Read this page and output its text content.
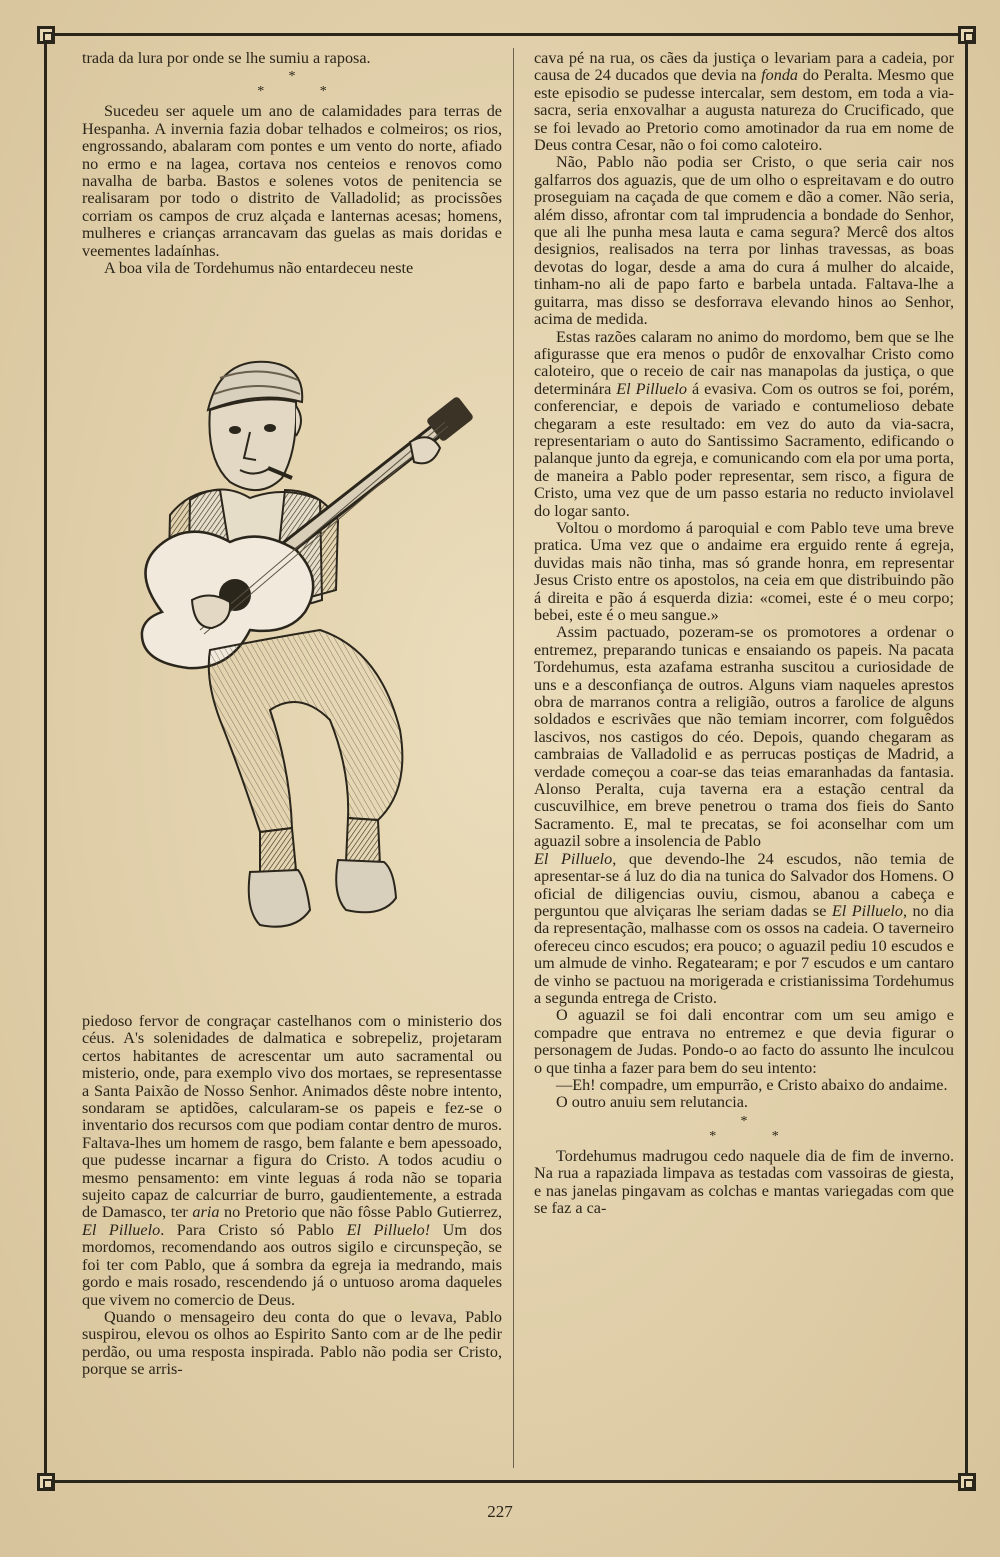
trada da lura por onde se lhe sumiu a raposa.

*
* *

Sucedeu ser aquele um ano de calamidades para terras de Hespanha. A invernia fazia dobar telhados e colmeiros; os rios, engrossando, abalaram com pontes e um vento do norte, afiado no ermo e na lagea, cortava nos centeios e renovos como navalha de barba. Bastos e solenes votos de penitencia se realisaram por todo o distrito de Valladolid; as procissões corriam os campos de cruz alçada e lanternas acesas; homens, mulheres e crianças arrancavam das guelas as mais doridas e veementes ladaínhas.

A boa vila de Tordehumus não entardeceu neste

piedoso fervor de congraçar castelhanos com o ministerio dos céus. A's solenidades de dalmatica e sobrepeliz, projetaram certos habitantes de acrescentar um auto sacramental ou misterio, onde, para exemplo vivo dos mortaes, se representasse a Santa Paixão de Nosso Senhor. Animados dêste nobre intento, sondaram se aptidões, calcularam-se os papeis e fez-se o inventario dos recursos com que podiam contar dentro de muros. Faltava-lhes um homem de rasgo, bem falante e bem apessoado, que pudesse incarnar a figura do Cristo. A todos acudiu o mesmo pensamento: em vinte leguas á roda não se toparia sujeito capaz de calcurriar de burro, gaudientemente, a estrada de Damasco, ter aria no Pretorio que não fôsse Pablo Gutierrez, El Pilluelo. Para Cristo só Pablo El Pilluelo! Um dos mordomos, recomendando aos outros sigilo e circunspeção, se foi ter com Pablo, que á sombra da egreja ia medrando, mais gordo e mais rosado, rescendendo já o untuoso aroma daqueles que vivem no comercio de Deus.

Quando o mensageiro deu conta do que o levava, Pablo suspirou, elevou os olhos ao Espirito Santo com ar de lhe pedir perdão, ou uma resposta inspirada. Pablo não podia ser Cristo, porque se arris-

cava pé na rua, os cães da justiça o levariam para a cadeia, por causa de 24 ducados que devia na fonda do Peralta. Mesmo que este episodio se pudesse intercalar, sem destom, em toda a via-sacra, seria enxovalhar a augusta natureza do Crucificado, que se foi levado ao Pretorio como amotinador da rua em nome de Deus contra Cesar, não o foi como caloteiro.

Não, Pablo não podia ser Cristo, o que seria cair nos galfarros dos aguazis, que de um olho o espreitavam e do outro proseguiam na caçada de que comem e dão a comer. Não seria, além disso, afrontar com tal imprudencia a bondade do Senhor, que ali lhe punha mesa lauta e cama segura? Mercê dos altos designios, realisados na terra por linhas travessas, as boas devotas do logar, desde a ama do cura á mulher do alcaide, tinham-no ali de papo farto e barbela untada. Faltava-lhe a guitarra, mas disso se desforrava elevando hinos ao Senhor, acima de medida.

Estas razões calaram no animo do mordomo, bem que se lhe afigurasse que era menos o pudôr de enxovalhar Cristo como caloteiro, que o receio de cair nas manapolas da justiça, o que determinára El Pilluelo á evasiva. Com os outros se foi, porém, conferenciar, e depois de variado e contumelioso debate chegaram a este resultado: em vez do auto da via-sacra, representariam o auto do Santissimo Sacramento, edificando o palanque junto da egreja, e comunicando com ela por uma porta, de maneira a Pablo poder representar, sem risco, a figura de Cristo, uma vez que de um passo estaria no reducto inviolavel do logar santo.

Voltou o mordomo á paroquial e com Pablo teve uma breve pratica. Uma vez que o andaime era erguido rente á egreja, duvidas mais não tinha, mas só grande honra, em representar Jesus Cristo entre os apostolos, na ceia em que distribuindo pão á direita e pão á esquerda dizia: «comei, este é o meu corpo; bebei, este é o meu sangue.»

Assim pactuado, pozeram-se os promotores a ordenar o entremez, preparando tunicas e ensaiando os papeis. Na pacata Tordehumus, esta azafama estranha suscitou a curiosidade de uns e a desconfiança de outros. Alguns viam naqueles aprestos obra de marranos contra a religião, outros a farolice de alguns soldados e escrivães que não temiam incorrer, com folguêdos lascivos, nos castigos do céo. Depois, quando chegaram as cambraias de Valladolid e as perrucas postiças de Madrid, a verdade começou a coar-se das teias emaranhadas da fantasia. Alonso Peralta, cuja taverna era a estação central da cuscuvilhice, em breve penetrou o trama dos fieis do Santo Sacramento. E, mal te precatas, se foi aconselhar com um aguazil sobre a insolencia de Pablo

El Pilluelo, que devendo-lhe 24 escudos, não temia de apresentar-se á luz do dia na tunica do Salvador dos Homens. O oficial de diligencias ouviu, cismou, abanou a cabeça e perguntou que alviçaras lhe seriam dadas se El Pilluelo, no dia da representação, malhasse com os ossos na cadeia. O taverneiro ofereceu cinco escudos; era pouco; o aguazil pediu 10 escudos e um almude de vinho. Regatearam; e por 7 escudos e um cantaro de vinho se pactuou na morigerada e cristianissima Tordehumus a segunda entrega de Cristo.

O aguazil se foi dali encontrar com um seu amigo e compadre que entrava no entremez e que devia figurar o personagem de Judas. Pondo-o ao facto do assunto lhe inculcou o que tinha a fazer para bem do seu intento:

—Eh! compadre, um empurrão, e Cristo abaixo do andaime.

O outro anuiu sem relutancia.

*
* *

Tordehumus madrugou cedo naquele dia de fim de inverno. Na rua a rapaziada limpava as testadas com vassoiras de giesta, e nas janelas pingavam as colchas e mantas variegadas com que se faz a ca-

227
